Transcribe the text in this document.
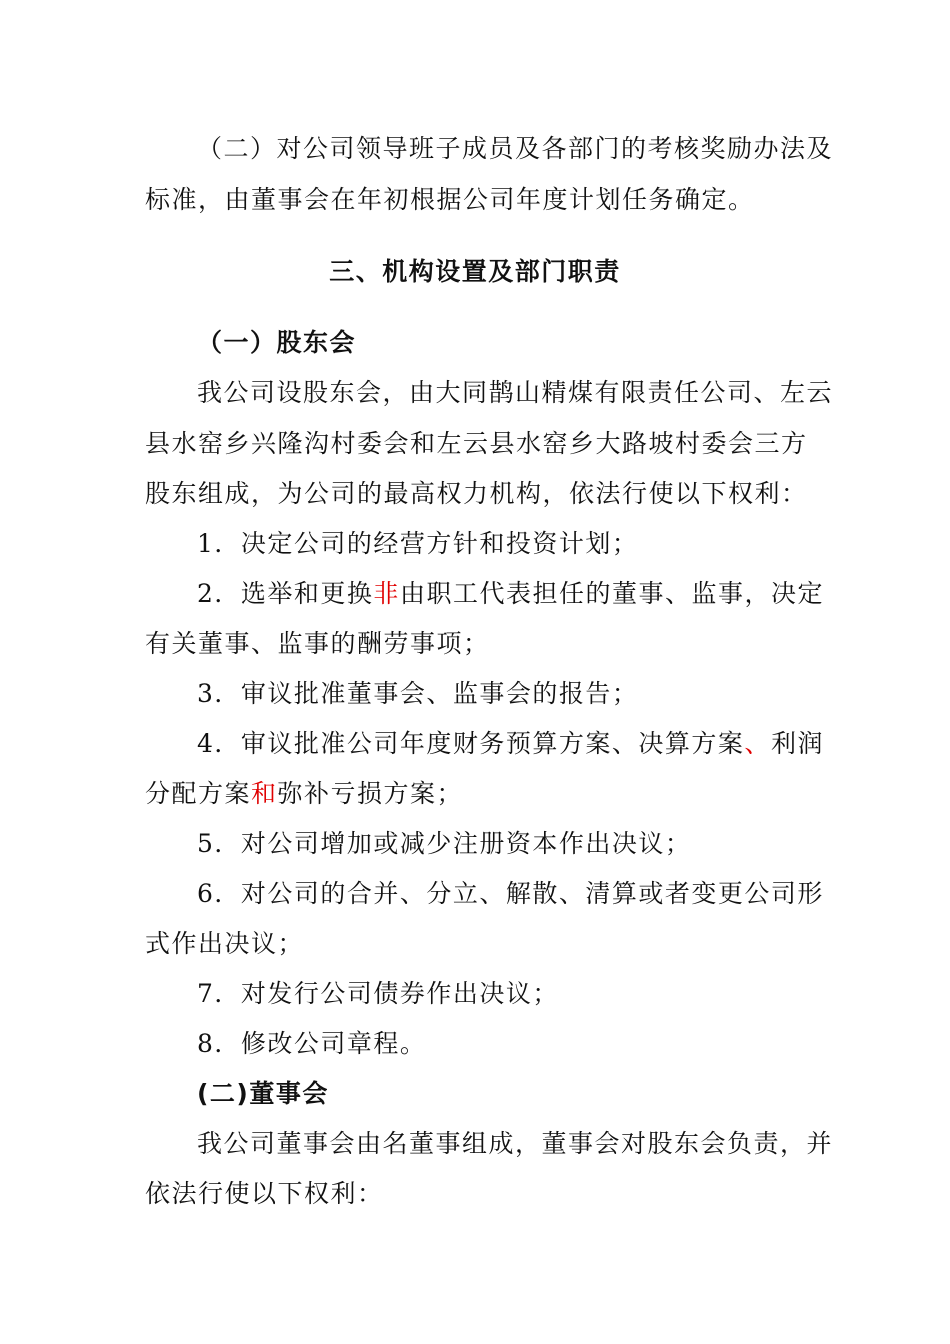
（二）对公司领导班子成员及各部门的考核奖励办法及
标准，由董事会在年初根据公司年度计划任务确定。
三、机构设置及部门职责
（一）股东会
我公司设股东会，由大同鹊山精煤有限责任公司、左云
县水窑乡兴隆沟村委会和左云县水窑乡大路坡村委会三方
股东组成，为公司的最高权力机构，依法行使以下权利：
1．决定公司的经营方针和投资计划；
2．选举和更换非由职工代表担任的董事、监事，决定
有关董事、监事的酬劳事项；
3．审议批准董事会、监事会的报告；
4．审议批准公司年度财务预算方案、决算方案、利润
分配方案和弥补亏损方案；
5．对公司增加或减少注册资本作出决议；
6．对公司的合并、分立、解散、清算或者变更公司形
式作出决议；
7．对发行公司债券作出决议；
8．修改公司章程。
(二)董事会
我公司董事会由名董事组成，董事会对股东会负责，并
依法行使以下权利：
